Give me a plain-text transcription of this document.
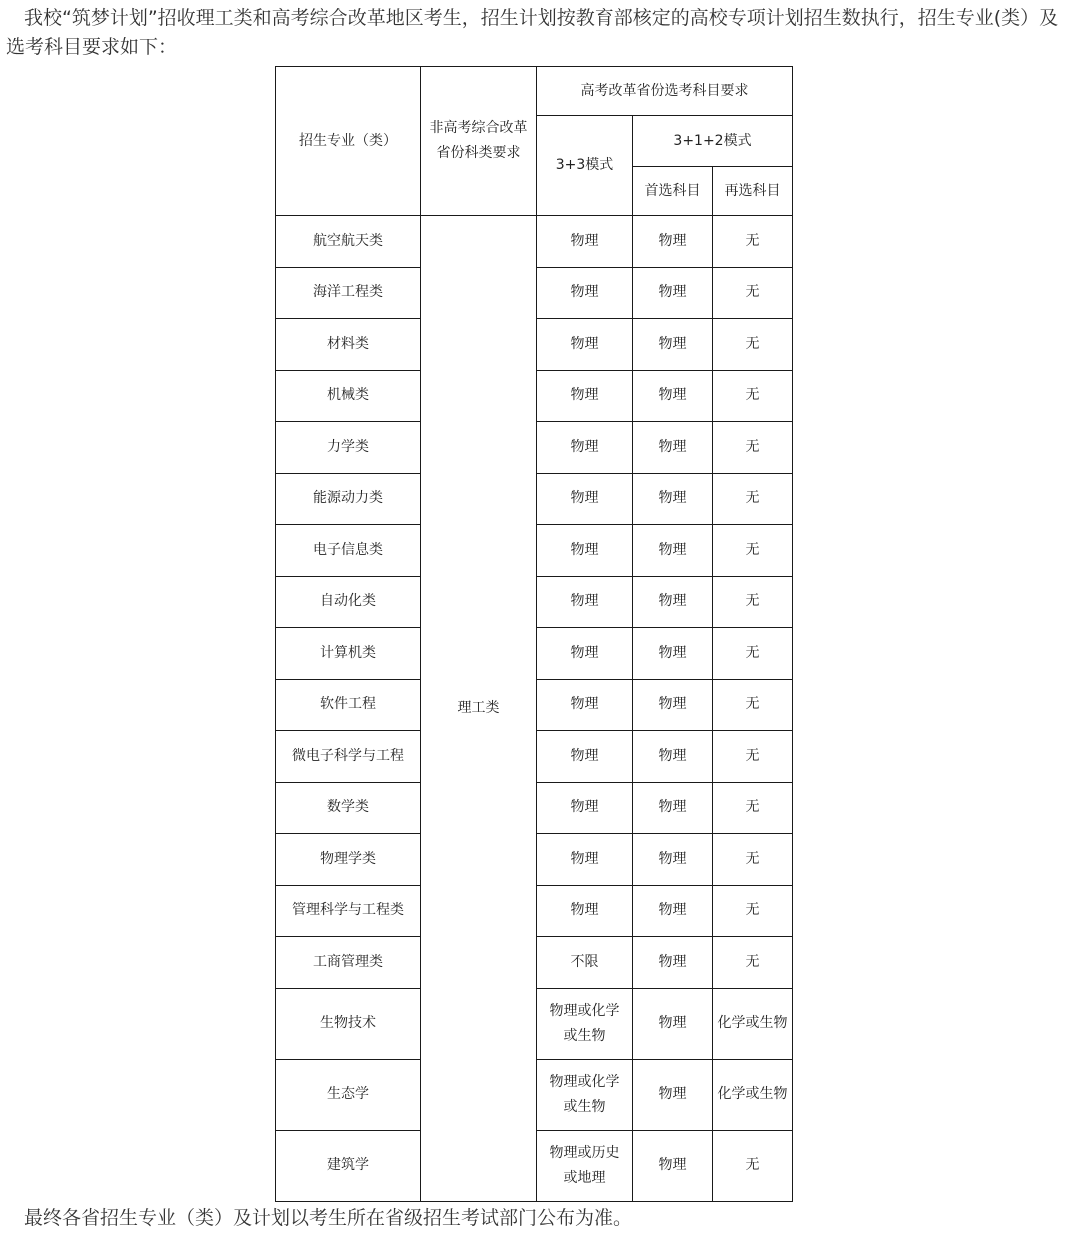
我校“筑梦计划”招收理工类和高考综合改革地区考生，招生计划按教育部核定的高校专项计划招生数执行，招生专业(类）及选考科目要求如下：

招生专业（类）	非高考综合改革省份科类要求	高考改革省份选考科目要求		
		3+3模式	3+1+2模式	
			首选科目	再选科目
航空航天类	理工类	物理	物理	无
海洋工程类		物理	物理	无
材料类		物理	物理	无
机械类		物理	物理	无
力学类		物理	物理	无
能源动力类		物理	物理	无
电子信息类		物理	物理	无
自动化类		物理	物理	无
计算机类		物理	物理	无
软件工程		物理	物理	无
微电子科学与工程		物理	物理	无
数学类		物理	物理	无
物理学类		物理	物理	无
管理科学与工程类		物理	物理	无
工商管理类		不限	物理	无
生物技术		物理或化学或生物	物理	化学或生物
生态学		物理或化学或生物	物理	化学或生物
建筑学		物理或历史或地理	物理	无

最终各省招生专业（类）及计划以考生所在省级招生考试部门公布为准。
